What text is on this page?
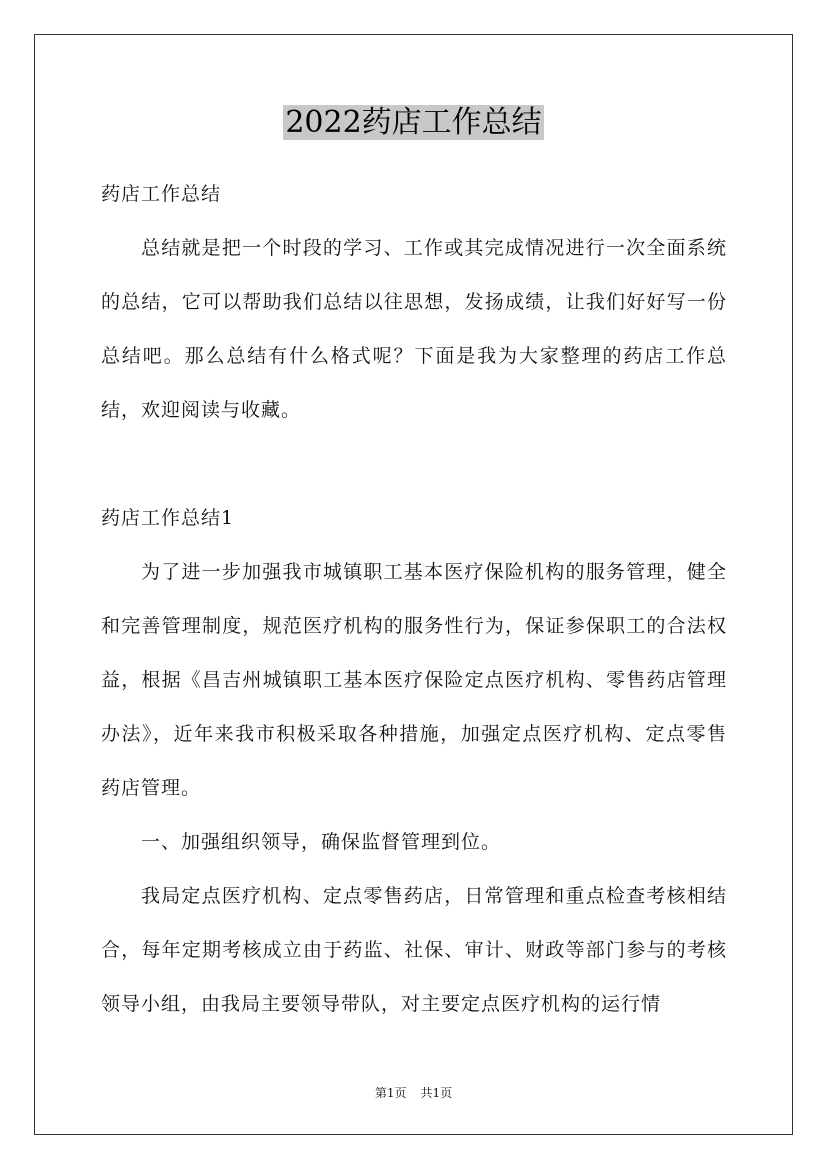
2022药店工作总结

药店工作总结

总结就是把一个时段的学习、工作或其完成情况进行一次全面系统的总结，它可以帮助我们总结以往思想，发扬成绩，让我们好好写一份总结吧。那么总结有什么格式呢？下面是我为大家整理的药店工作总结，欢迎阅读与收藏。

药店工作总结1

为了进一步加强我市城镇职工基本医疗保险机构的服务管理，健全和完善管理制度，规范医疗机构的服务性行为，保证参保职工的合法权益，根据《昌吉州城镇职工基本医疗保险定点医疗机构、零售药店管理办法》，近年来我市积极采取各种措施，加强定点医疗机构、定点零售药店管理。

一、加强组织领导，确保监督管理到位。

我局定点医疗机构、定点零售药店，日常管理和重点检查考核相结合，每年定期考核成立由于药监、社保、审计、财政等部门参与的考核领导小组，由我局主要领导带队，对主要定点医疗机构的运行情

第1页 共1页
